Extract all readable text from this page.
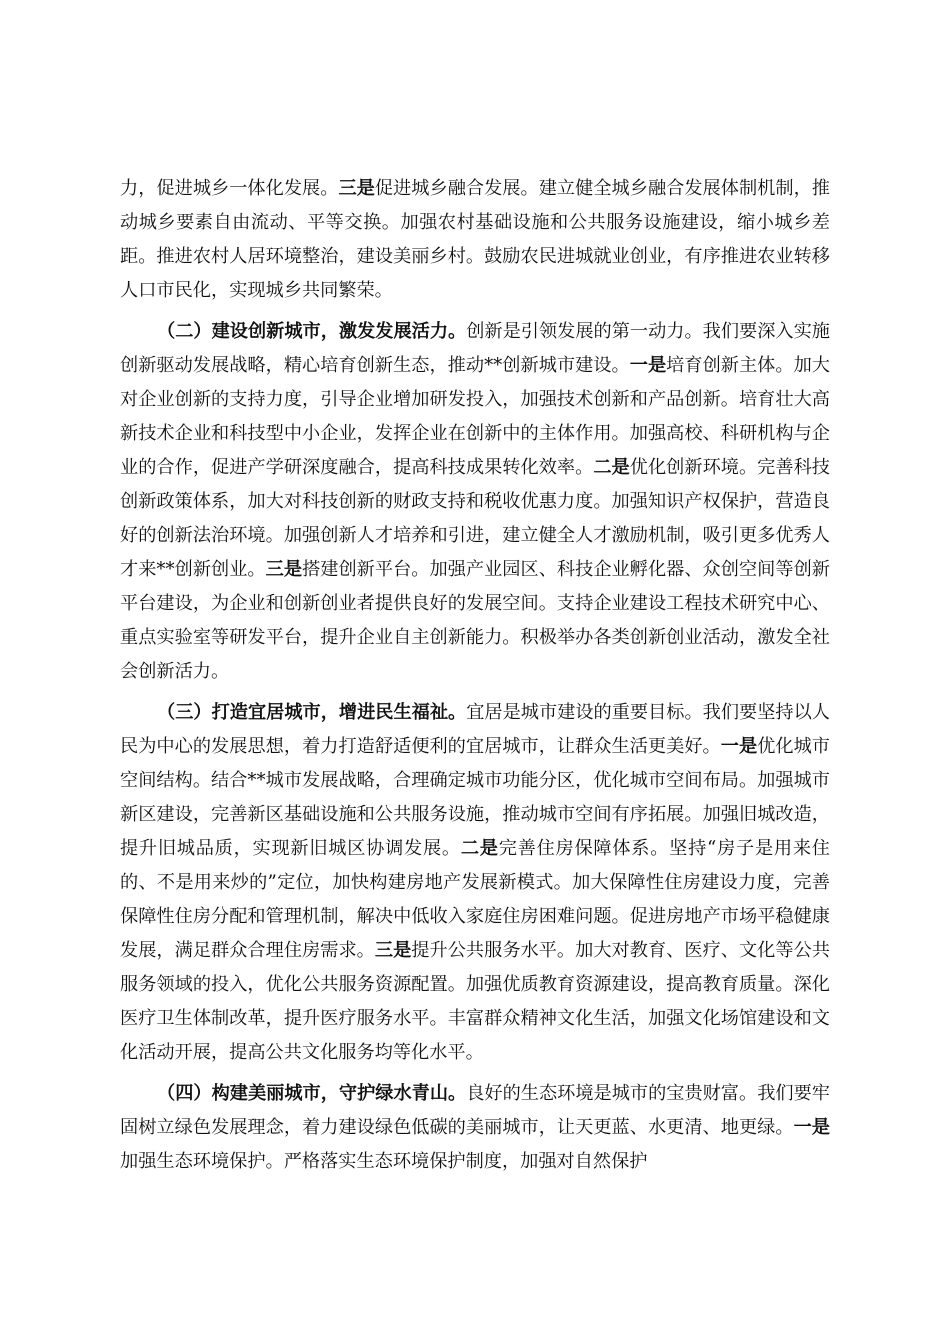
力，促进城乡一体化发展。三是促进城乡融合发展。建立健全城乡融合发展体制机制，推动城乡要素自由流动、平等交换。加强农村基础设施和公共服务设施建设，缩小城乡差距。推进农村人居环境整治，建设美丽乡村。鼓励农民进城就业创业，有序推进农业转移人口市民化，实现城乡共同繁荣。

（二）建设创新城市，激发发展活力。创新是引领发展的第一动力。我们要深入实施创新驱动发展战略，精心培育创新生态，推动**创新城市建设。一是培育创新主体。加大对企业创新的支持力度，引导企业增加研发投入，加强技术创新和产品创新。培育壮大高新技术企业和科技型中小企业，发挥企业在创新中的主体作用。加强高校、科研机构与企业的合作，促进产学研深度融合，提高科技成果转化效率。二是优化创新环境。完善科技创新政策体系，加大对科技创新的财政支持和税收优惠力度。加强知识产权保护，营造良好的创新法治环境。加强创新人才培养和引进，建立健全人才激励机制，吸引更多优秀人才来**创新创业。三是搭建创新平台。加强产业园区、科技企业孵化器、众创空间等创新平台建设，为企业和创新创业者提供良好的发展空间。支持企业建设工程技术研究中心、重点实验室等研发平台，提升企业自主创新能力。积极举办各类创新创业活动，激发全社会创新活力。

（三）打造宜居城市，增进民生福祉。宜居是城市建设的重要目标。我们要坚持以人民为中心的发展思想，着力打造舒适便利的宜居城市，让群众生活更美好。一是优化城市空间结构。结合**城市发展战略，合理确定城市功能分区，优化城市空间布局。加强城市新区建设，完善新区基础设施和公共服务设施，推动城市空间有序拓展。加强旧城改造，提升旧城品质，实现新旧城区协调发展。二是完善住房保障体系。坚持“房子是用来住的、不是用来炒的”定位，加快构建房地产发展新模式。加大保障性住房建设力度，完善保障性住房分配和管理机制，解决中低收入家庭住房困难问题。促进房地产市场平稳健康发展，满足群众合理住房需求。三是提升公共服务水平。加大对教育、医疗、文化等公共服务领域的投入，优化公共服务资源配置。加强优质教育资源建设，提高教育质量。深化医疗卫生体制改革，提升医疗服务水平。丰富群众精神文化生活，加强文化场馆建设和文化活动开展，提高公共文化服务均等化水平。

（四）构建美丽城市，守护绿水青山。良好的生态环境是城市的宝贵财富。我们要牢固树立绿色发展理念，着力建设绿色低碳的美丽城市，让天更蓝、水更清、地更绿。一是加强生态环境保护。严格落实生态环境保护制度，加强对自然保护
